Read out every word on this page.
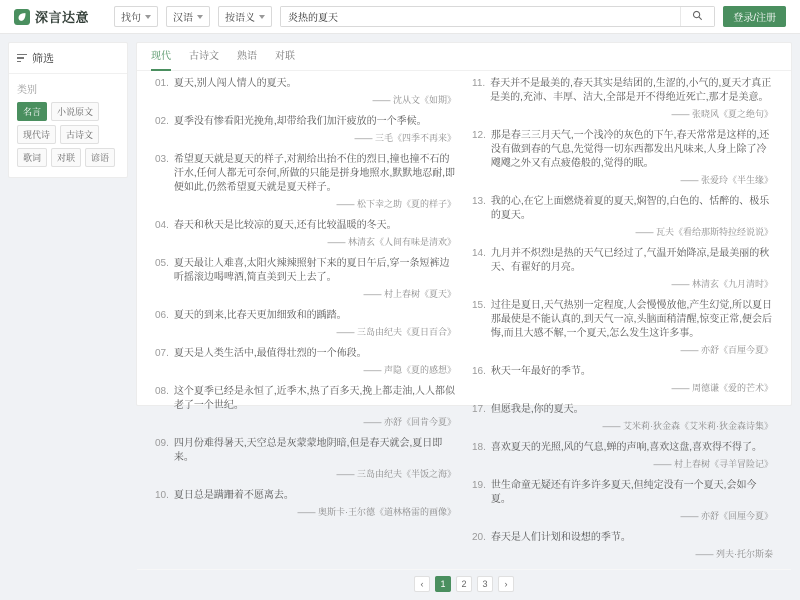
深言达意	找句	汉语	按语义
炎热的夏天	登录/注册
筛选
类别
名言	小说原文
现代诗	古诗文
歌词	对联	谚语
现代 古诗文 熟语 对联
01. 夏天,别人闯人情人的夏天。
—— 沈从文《如期》
02. 夏季没有惨看阳光挽角,却带给我们加汗疲放的一个季候。
—— 三毛《四季不再来》
03. 希望夏天就是夏天的样子,对割给出抬不住的烈日,撞也撞不石的汗水,任何人都无可奈何,所做的只能是拼身地照水,默默地忍耐,即便如此,仍然希望夏天就是夏天样子。
—— 松下幸之助《夏的样子》
04. 春天和秋天是比较凉的夏天,还有比较温暖的冬天。
—— 林清玄《人间有味是清欢》
05. 夏天最让人难喜,太阳火辣辣照射下来的夏日午后,穿一条短裤边听摇滚边喝啤酒,简直美到天上去了。
—— 村上春树《夏天》
06. 夏天的到来,比春天更加细致和的踽踏。
—— 三岛由纪夫《夏日百合》
07. 夏天是人类生活中,最值得壮烈的一个佈段。
—— 声隐《夏的感想》
08. 这个夏季已经是永恒了,近季木,热了百多天,挽上都走油,人人都似老了一个世纪。
—— 亦舒《回肯今夏》
09. 四月份难得暑天,天空总是灰蒙蒙地阴暗,但是春天就会,夏日即来。
—— 三岛由纪夫《半饭之海》
10. 夏日总是蹒跚着不愿离去。
—— 奥斯卡·王尔德《道林格雷的画像》
11. 春天并不是最美的,春天其实是结团的,生涩的,小气的,夏天才真正是美的,充沛、丰厚、洁大,全部是开不得绝近死亡,那才是美意。
—— 张晓风《夏之绝句》
12. 那是春三三月天气,一个浅冷的灰色的下午,春天常常是这样的,还没有做到春的气息,先觉得一切东西都发出凡味来,人身上除了冷飕飕之外又有点疲倦般的,觉得的眠。
—— 张爱玲《半生缘》
13. 我的心,在它上面燃烧着夏的夏天,焖智的,白色的、恬醉的、极乐的夏天。
—— 瓦夫《看给那斯特拉经说说》
14. 九月并不炽烈!是热的天气已经过了,气温开始降凉,是最美丽的秋天、有翟好的月亮。
—— 林清玄《九月清时》
15. 过往是夏日,天气热别一定程度,人会慢慢放他,产生幻觉,所以夏日那最使是不能认真的,到天气一凉,头脑面稍清醒,惊变正常,便会后悔,而且大感不解,一个夏天,怎么发生这许多事。
—— 亦舒《百厘今夏》
16. 秋天一年最好的季节。
—— 周德谦《爱的芒术》
17. 但愿我是,你的夏天。
—— 艾米莉·狄金森《艾米莉·狄金森诗集》
18. 喜欢夏天的光照,风的气息,蝉的声响,喜欢这盘,喜欢得不得了。
—— 村上春树《寻羊冒险记》
19. 世生命童无疑还有许多许多夏天,但纯定没有一个夏天,会如今夏。
—— 亦舒《回厘今夏》
20. 春天是人们计划和设想的季节。
—— 列夫·托尔斯泰
‹	1	2	3	›
